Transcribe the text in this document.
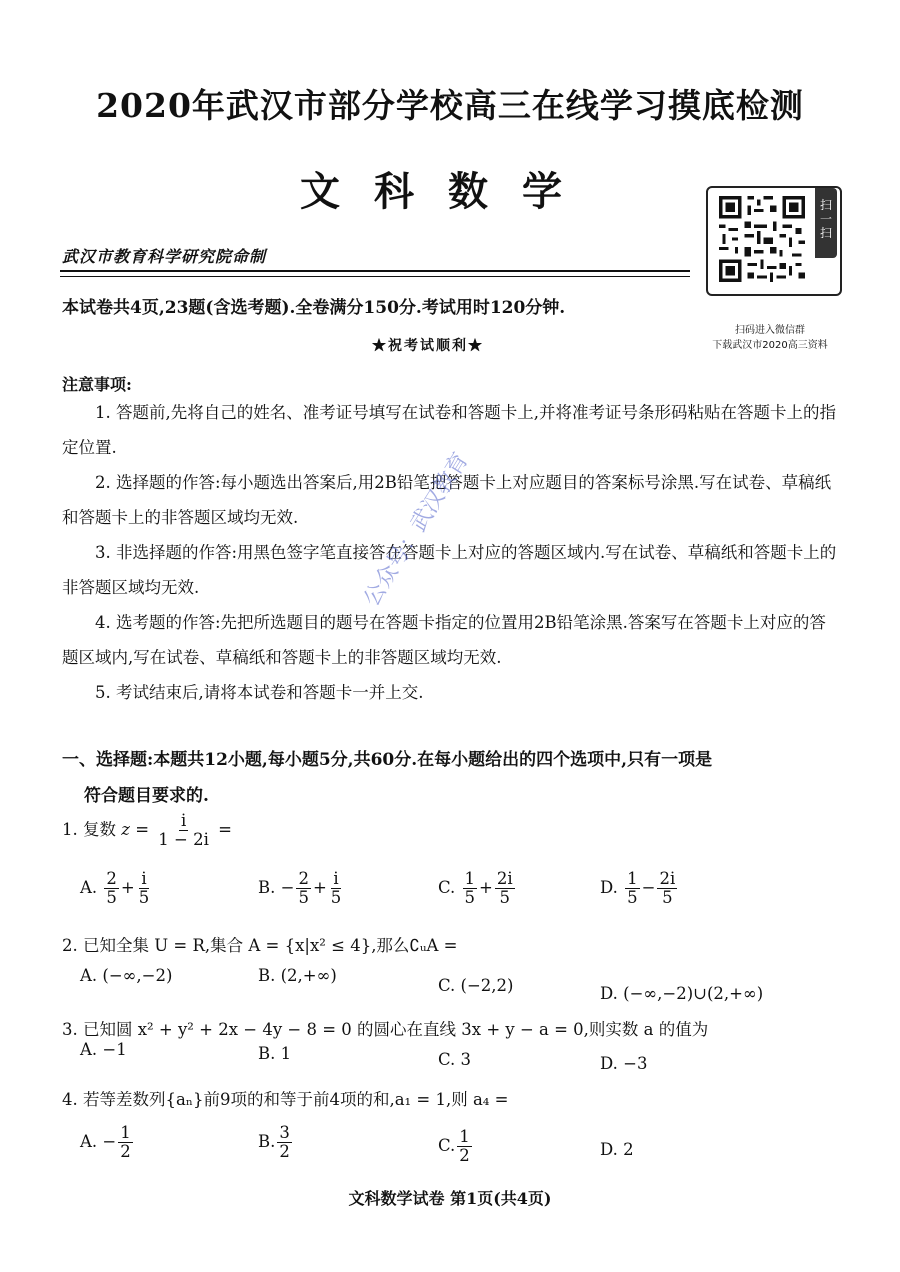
2020年武汉市部分学校高三在线学习摸底检测
文科数学
武汉市教育科学研究院命制
本试卷共4页,23题(含选考题).全卷满分150分.考试用时120分钟.
★祝考试顺利★
扫一扫
扫码进入微信群
下载武汉市2020高三资料
注意事项:

1. 答题前,先将自己的姓名、准考证号填写在试卷和答题卡上,并将准考证号条形码粘贴在答题卡上的指定位置.

2. 选择题的作答:每小题选出答案后,用2B铅笔把答题卡上对应题目的答案标号涂黑.写在试卷、草稿纸和答题卡上的非答题区域均无效.

3. 非选择题的作答:用黑色签字笔直接答在答题卡上对应的答题区域内.写在试卷、草稿纸和答题卡上的非答题区域均无效.

4. 选考题的作答:先把所选题目的题号在答题卡指定的位置用2B铅笔涂黑.答案写在答题卡上对应的答题区域内,写在试卷、草稿纸和答题卡上的非答题区域均无效.

5. 考试结束后,请将本试卷和答题卡一并上交.

公众号：武汉教育
一、选择题:本题共12小题,每小题5分,共60分.在每小题给出的四个选项中,只有一项是
符合题目要求的.
1. 复数 $z = \frac{i}{1 - 2i}$ =
A. $\frac{2}{5} + \frac{i}{5}$	B. − $\frac{2}{5} + \frac{i}{5}$	C. $\frac{1}{5} + \frac{2i}{5}$	D. $\frac{1}{5} - \frac{2i}{5}$
2. 已知全集 U = R,集合 A = {x|x² ≤ 4},那么∁ᵤA =
A. (−∞,−2)	B. (2,+∞)
C. (−2,2)	D. (−∞,−2)∪(2,+∞)
3. 已知圆 x² + y² + 2x − 4y − 8 = 0 的圆心在直线 3x + y − a = 0,则实数 a 的值为
A. −1	B. 1	C. 3	D. −3
4. 若等差数列{aₙ}前9项的和等于前4项的和,a₁ = 1,则 a₄ =
A. − $\frac{1}{2}$	B. $\frac{3}{2}$	C. $\frac{1}{2}$	D. 2
文科数学试卷 第1页(共4页)
